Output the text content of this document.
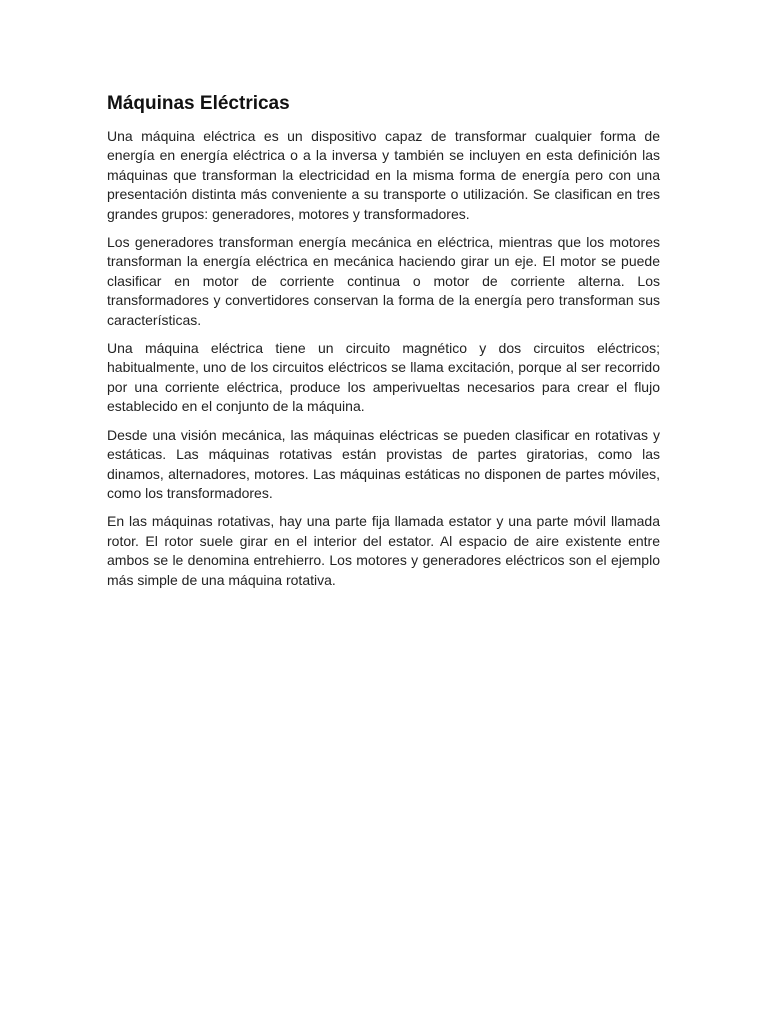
Máquinas Eléctricas

Una máquina eléctrica es un dispositivo capaz de transformar cualquier forma de energía en energía eléctrica o a la inversa y también se incluyen en esta definición las máquinas que transforman la electricidad en la misma forma de energía pero con una presentación distinta más conveniente a su transporte o utilización. Se clasifican en tres grandes grupos: generadores, motores y transformadores.

Los generadores transforman energía mecánica en eléctrica, mientras que los motores transforman la energía eléctrica en mecánica haciendo girar un eje. El motor se puede clasificar en motor de corriente continua o motor de corriente alterna. Los transformadores y convertidores conservan la forma de la energía pero transforman sus características.

Una máquina eléctrica tiene un circuito magnético y dos circuitos eléctricos; habitualmente, uno de los circuitos eléctricos se llama excitación, porque al ser recorrido por una corriente eléctrica, produce los amperivueltas necesarios para crear el flujo establecido en el conjunto de la máquina.

Desde una visión mecánica, las máquinas eléctricas se pueden clasificar en rotativas y estáticas. Las máquinas rotativas están provistas de partes giratorias, como las dinamos, alternadores, motores. Las máquinas estáticas no disponen de partes móviles, como los transformadores.

En las máquinas rotativas, hay una parte fija llamada estator y una parte móvil llamada rotor. El rotor suele girar en el interior del estator. Al espacio de aire existente entre ambos se le denomina entrehierro. Los motores y generadores eléctricos son el ejemplo más simple de una máquina rotativa.
